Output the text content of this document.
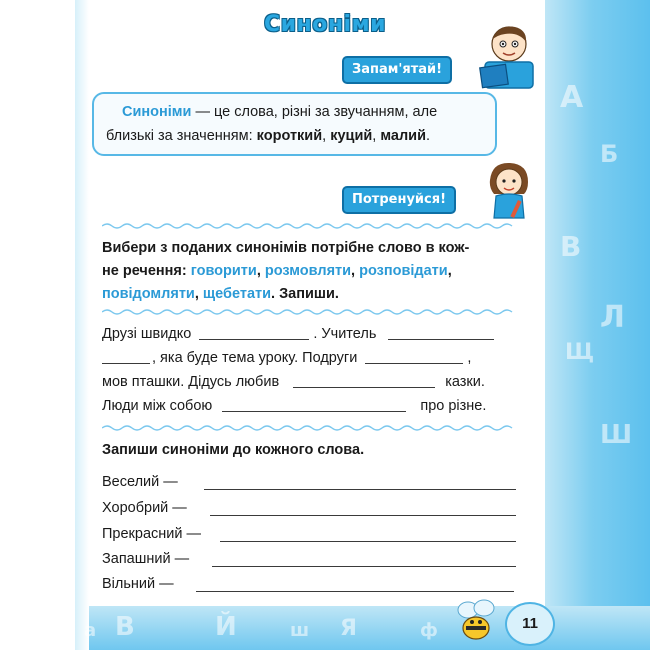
А
Б
В
Л
Щ
Ш
а В	Й	ш Я	ф
Синоніми
Запам'ятай!
Синоніми — це слова, різні за звучанням, але близькі за значенням: короткий, куций, малий.
Потренуйся!
Вибери з поданих синонімів потрібне слово в кож-
не речення: говорити, розмовляти, розповідати,
повідомляти, щебетати. Запиши.
Друзі швидко	. Учитель
, яка буде тема уроку. Подруги	,
мов пташки. Дідусь любив	казки.
Люди між собою	про різне.
Запиши синоніми до кожного слова.
Веселий —
Хоробрий —
Прекрасний —
Запашний —
Вільний —
11
